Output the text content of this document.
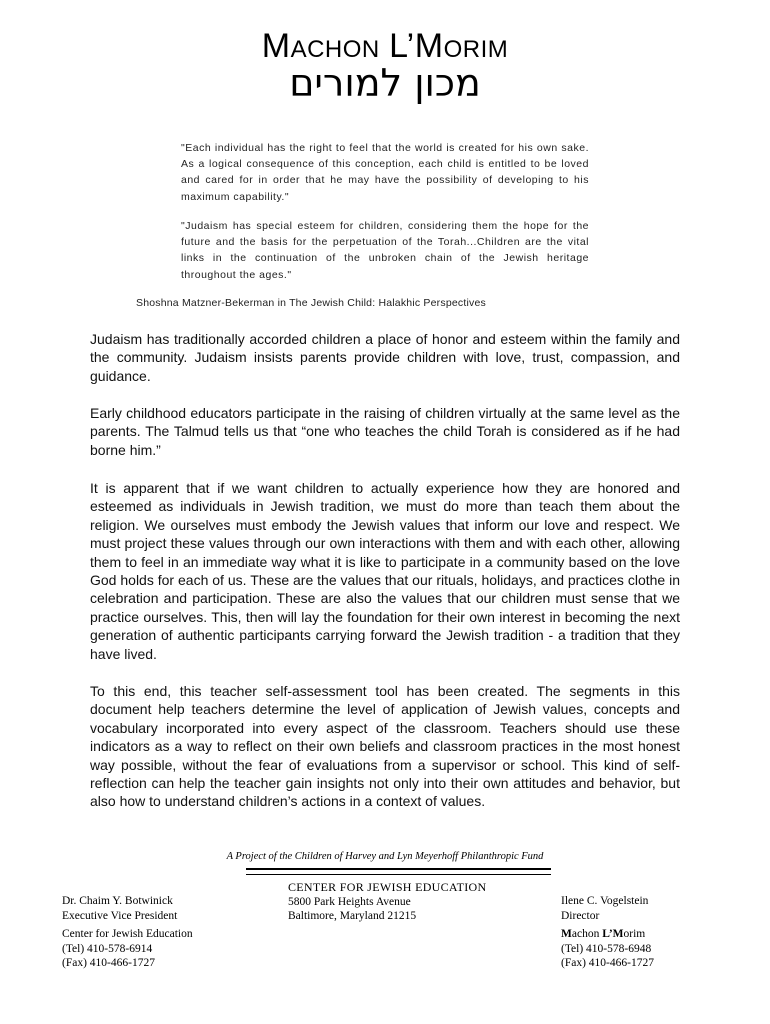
MACHON L’MORIM
מכון למורים
"Each individual has the right to feel that the world is created for his own sake. As a logical consequence of this conception, each child is entitled to be loved and cared for in order that he may have the possibility of developing to his maximum capability."
"Judaism has special esteem for children, considering them the hope for the future and the basis for the perpetuation of the Torah...Children are the vital links in the continuation of the unbroken chain of the Jewish heritage throughout the ages."
Shoshna Matzner-Bekerman in The Jewish Child: Halakhic Perspectives
Judaism has traditionally accorded children a place of honor and esteem within the family and the community. Judaism insists parents provide children with love, trust, compassion, and guidance.
Early childhood educators participate in the raising of children virtually at the same level as the parents. The Talmud tells us that “one who teaches the child Torah is considered as if he had borne him.”
It is apparent that if we want children to actually experience how they are honored and esteemed as individuals in Jewish tradition, we must do more than teach them about the religion. We ourselves must embody the Jewish values that inform our love and respect. We must project these values through our own interactions with them and with each other, allowing them to feel in an immediate way what it is like to participate in a community based on the love God holds for each of us. These are the values that our rituals, holidays, and practices clothe in celebration and participation. These are also the values that our children must sense that we practice ourselves. This, then will lay the foundation for their own interest in becoming the next generation of authentic participants carrying forward the Jewish tradition - a tradition that they have lived.
To this end, this teacher self-assessment tool has been created. The segments in this document help teachers determine the level of application of Jewish values, concepts and vocabulary incorporated into every aspect of the classroom. Teachers should use these indicators as a way to reflect on their own beliefs and classroom practices in the most honest way possible, without the fear of evaluations from a supervisor or school. This kind of self-reflection can help the teacher gain insights not only into their own attitudes and behavior, but also how to understand children’s actions in a context of values.
A Project of the Children of Harvey and Lyn Meyerhoff Philanthropic Fund
Dr. Chaim Y. Botwinick
Executive Vice President
Center for Jewish Education
(Tel) 410-578-6914
(Fax) 410-466-1727
CENTER FOR JEWISH EDUCATION
5800 Park Heights Avenue
Baltimore, Maryland 21215
Ilene C. Vogelstein
Director
Machon L’Morim
(Tel) 410-578-6948
(Fax) 410-466-1727
